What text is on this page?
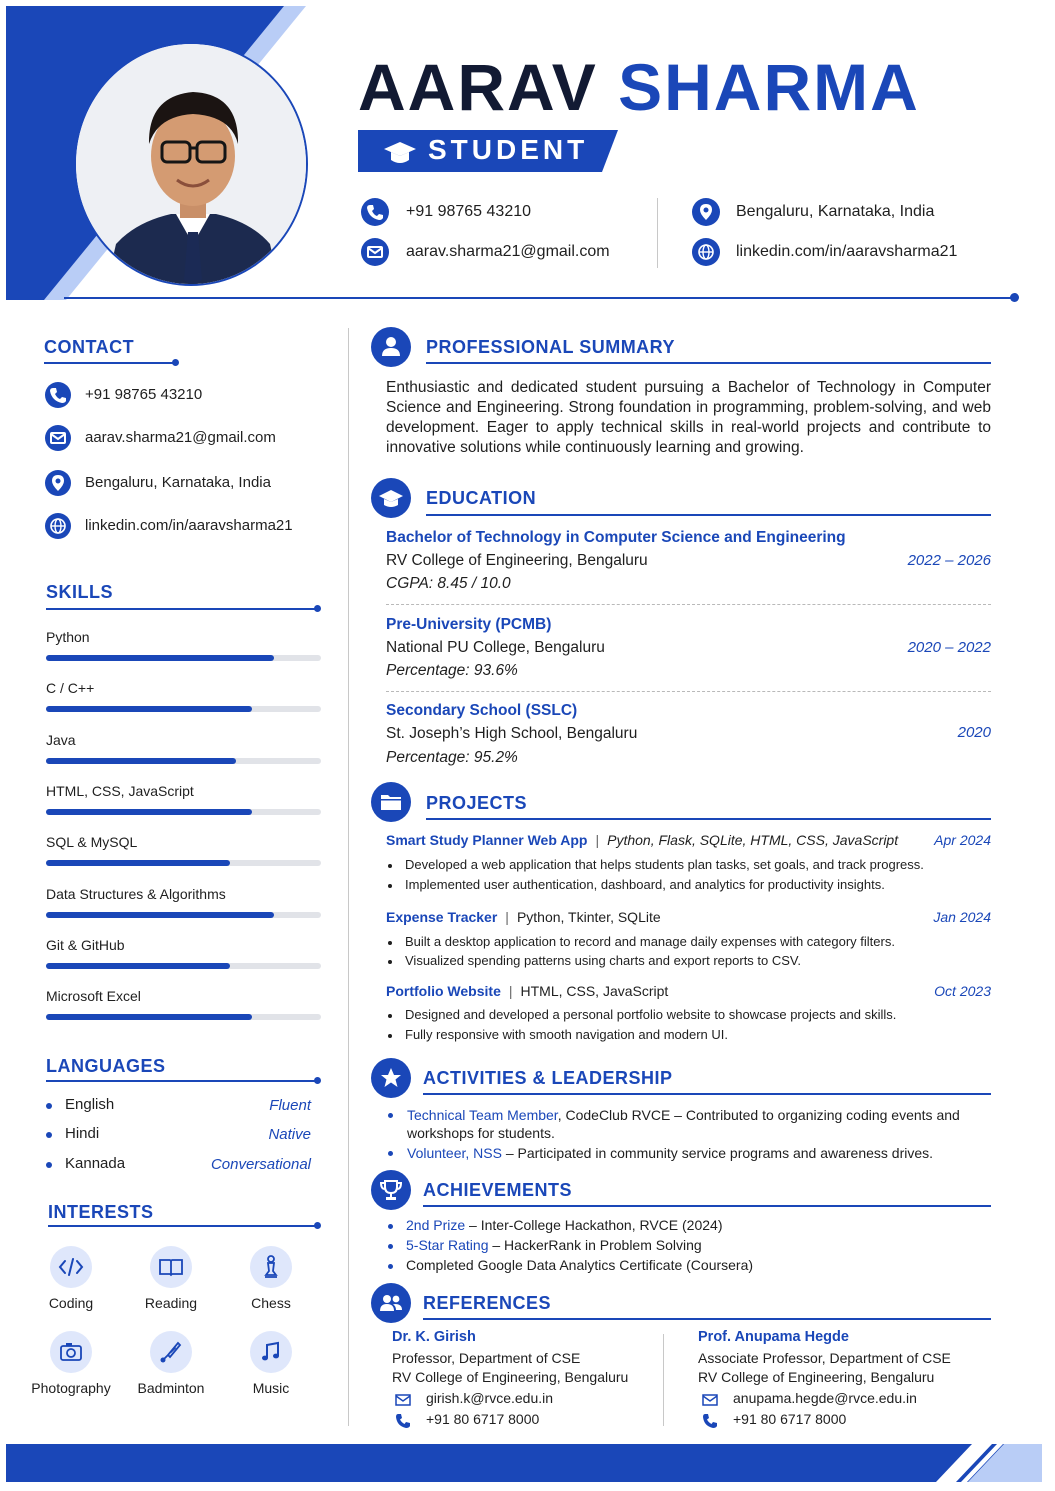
AARAV SHARMA
STUDENT
+91 98765 43210
aarav.sharma21@gmail.com
Bengaluru, Karnataka, India
linkedin.com/in/aaravsharma21
CONTACT
+91 98765 43210
aarav.sharma21@gmail.com
Bengaluru, Karnataka, India
linkedin.com/in/aaravsharma21
SKILLS
Python
C / C++
Java
HTML, CSS, JavaScript
SQL & MySQL
Data Structures & Algorithms
Git & GitHub
Microsoft Excel
LANGUAGES
English	Fluent
Hindi	Native
Kannada	Conversational
INTERESTS
Coding	Reading	Chess
Photography	Badminton	Music
PROFESSIONAL SUMMARY
Enthusiastic and dedicated student pursuing a Bachelor of Technology in Computer Science and Engineering. Strong foundation in programming, problem-solving, and web development. Eager to apply technical skills in real-world projects and contribute to innovative solutions while continuously learning and growing.
EDUCATION
Bachelor of Technology in Computer Science and Engineering
RV College of Engineering, Bengaluru	2022 – 2026
CGPA: 8.45 / 10.0
Pre-University (PCMB)
National PU College, Bengaluru	2020 – 2022
Percentage: 93.6%
Secondary School (SSLC)
St. Joseph’s High School, Bengaluru	2020
Percentage: 95.2%
PROJECTS
Smart Study Planner Web App | Python, Flask, SQLite, HTML, CSS, JavaScript	Apr 2024
Developed a web application that helps students plan tasks, set goals, and track progress.
Implemented user authentication, dashboard, and analytics for productivity insights.
Expense Tracker | Python, Tkinter, SQLite	Jan 2024
Built a desktop application to record and manage daily expenses with category filters.
Visualized spending patterns using charts and export reports to CSV.
Portfolio Website | HTML, CSS, JavaScript	Oct 2023
Designed and developed a personal portfolio website to showcase projects and skills.
Fully responsive with smooth navigation and modern UI.
ACTIVITIES & LEADERSHIP
Technical Team Member, CodeClub RVCE – Contributed to organizing coding events and workshops for students.
Volunteer, NSS – Participated in community service programs and awareness drives.
ACHIEVEMENTS
2nd Prize – Inter-College Hackathon, RVCE (2024)
5-Star Rating – HackerRank in Problem Solving
Completed Google Data Analytics Certificate (Coursera)
REFERENCES
Dr. K. Girish
Professor, Department of CSE
RV College of Engineering, Bengaluru
girish.k@rvce.edu.in
+91 80 6717 8000
Prof. Anupama Hegde
Associate Professor, Department of CSE
RV College of Engineering, Bengaluru
anupama.hegde@rvce.edu.in
+91 80 6717 8000
